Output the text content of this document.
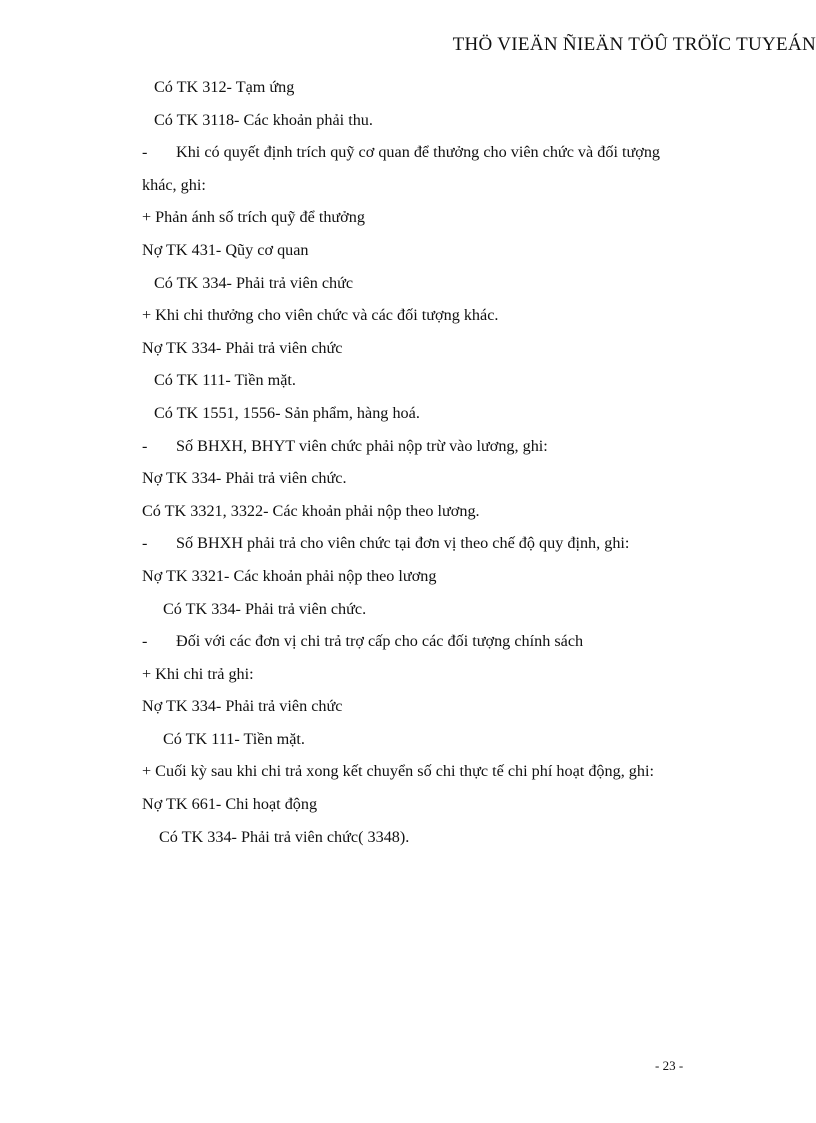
THÖ VIEÄN ÑIEÄN TÖÛ TRÖÏC TUYEÁN
Có TK 312- Tạm ứng
Có TK 3118- Các khoản phải thu.
- Khi có quyết định trích quỹ cơ quan để thưởng cho viên chức và đối tượng
khác, ghi:
+ Phản ánh số trích quỹ để thưởng
Nợ TK 431- Qũy cơ quan
Có TK 334- Phải trả viên chức
+ Khi chi thưởng cho viên chức và các đối tượng khác.
Nợ TK 334- Phải trả viên chức
Có TK 111- Tiền mặt.
Có TK 1551, 1556- Sản phẩm, hàng hoá.
- Số BHXH, BHYT viên chức phải nộp trừ vào lương, ghi:
Nợ TK 334- Phải trả viên chức.
Có TK 3321, 3322- Các khoản phải nộp theo lương.
- Số BHXH phải trả cho viên chức tại đơn vị theo chế độ quy định, ghi:
Nợ TK 3321- Các khoản phải nộp theo lương
Có TK 334- Phải trả viên chức.
- Đối với các đơn vị chi trả trợ cấp cho các đối tượng chính sách
+ Khi chi trả ghi:
Nợ TK 334- Phải trả viên chức
Có TK 111- Tiền mặt.
+ Cuối kỳ sau khi chi trả xong kết chuyển số chi thực tế chi phí hoạt động, ghi:
Nợ TK 661- Chi hoạt động
Có TK 334- Phải trả viên chức( 3348).
- 23 -
